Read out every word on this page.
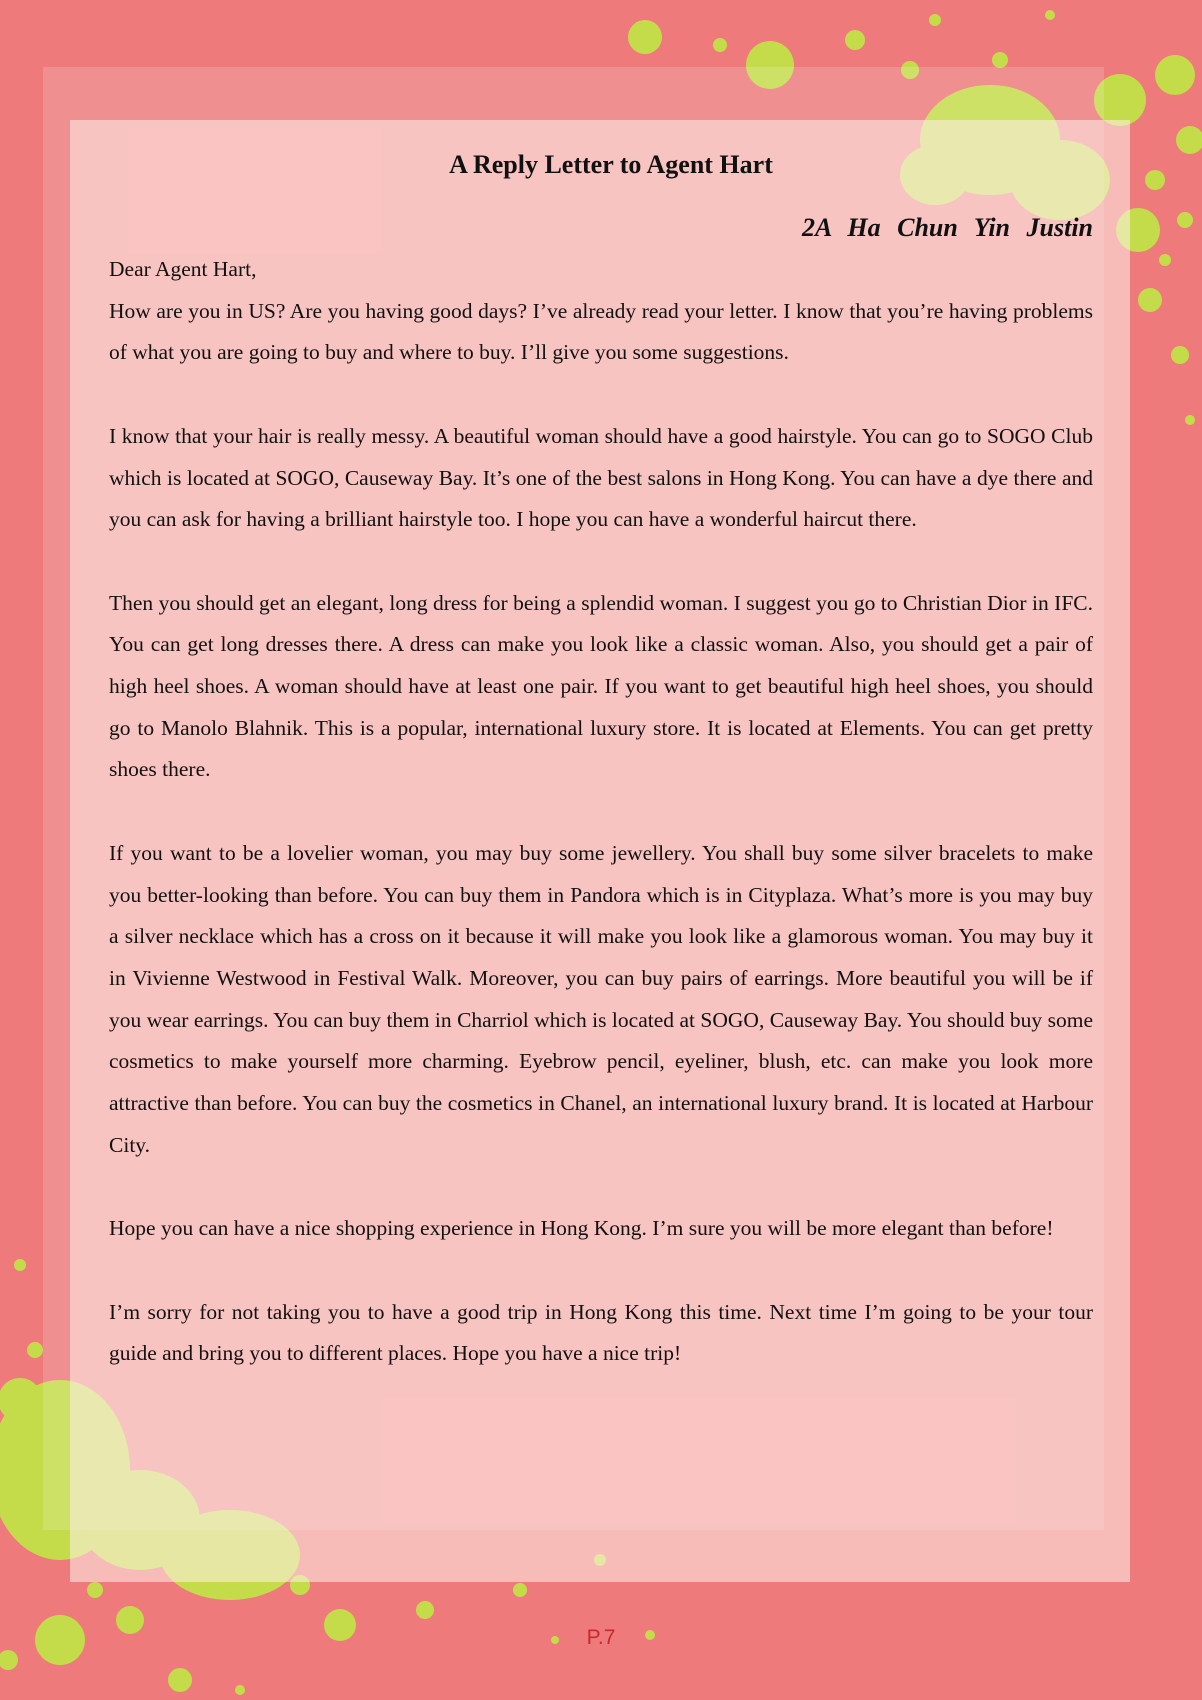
A Reply Letter to Agent Hart
2A Ha Chun Yin Justin

Dear Agent Hart,

How are you in US? Are you having good days? I’ve already read your letter. I know that you’re having problems of what you are going to buy and where to buy. I’ll give you some suggestions.

I know that your hair is really messy. A beautiful woman should have a good hairstyle. You can go to SOGO Club which is located at SOGO, Causeway Bay. It’s one of the best salons in Hong Kong. You can have a dye there and you can ask for having a brilliant hairstyle too. I hope you can have a wonderful haircut there.

Then you should get an elegant, long dress for being a splendid woman. I suggest you go to Christian Dior in IFC. You can get long dresses there. A dress can make you look like a classic woman. Also, you should get a pair of high heel shoes. A woman should have at least one pair. If you want to get beautiful high heel shoes, you should go to Manolo Blahnik. This is a popular, international luxury store. It is located at Elements. You can get pretty shoes there.

If you want to be a lovelier woman, you may buy some jewellery. You shall buy some silver bracelets to make you better-looking than before. You can buy them in Pandora which is in Cityplaza. What’s more is you may buy a silver necklace which has a cross on it because it will make you look like a glamorous woman. You may buy it in Vivienne Westwood in Festival Walk. Moreover, you can buy pairs of earrings. More beautiful you will be if you wear earrings. You can buy them in Charriol which is located at SOGO, Causeway Bay. You should buy some cosmetics to make yourself more charming. Eyebrow pencil, eyeliner, blush, etc. can make you look more attractive than before. You can buy the cosmetics in Chanel, an international luxury brand. It is located at Harbour City.

Hope you can have a nice shopping experience in Hong Kong. I’m sure you will be more elegant than before!

I’m sorry for not taking you to have a good trip in Hong Kong this time. Next time I’m going to be your tour guide and bring you to different places. Hope you have a nice trip!

P.7
